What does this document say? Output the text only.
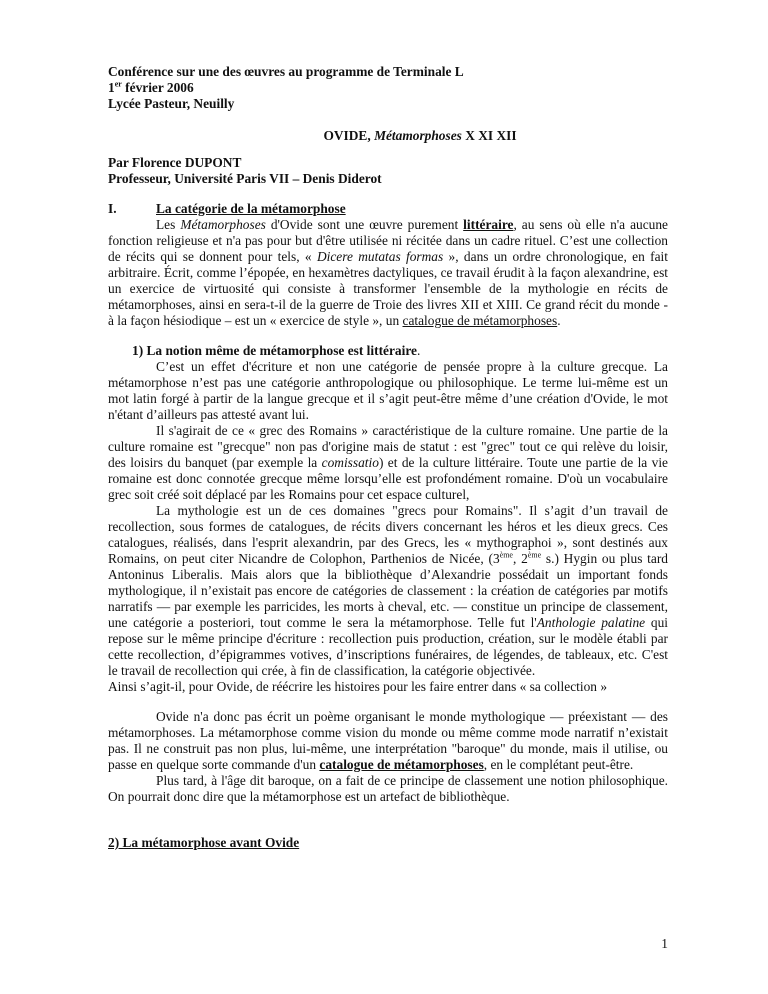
Conférence sur une des œuvres au programme de Terminale L
1er février 2006
Lycée Pasteur, Neuilly
OVIDE, Métamorphoses X XI XII
Par Florence DUPONT
Professeur, Université Paris VII – Denis Diderot
I.	La catégorie de la métamorphose

Les Métamorphoses d'Ovide sont une œuvre purement littéraire, au sens où elle n'a aucune fonction religieuse et n'a pas pour but d'être utilisée ni récitée dans un cadre rituel. C’est une collection de récits qui se donnent pour tels, « Dicere mutatas formas », dans un ordre chronologique, en fait arbitraire. Écrit, comme l’épopée, en hexamètres dactyliques, ce travail érudit à la façon alexandrine, est un exercice de virtuosité qui consiste à transformer l'ensemble de la mythologie en récits de métamorphoses, ainsi en sera-t-il de la guerre de Troie des livres XII et XIII. Ce grand récit du monde - à la façon hésiodique – est un « exercice de style », un catalogue de métamorphoses.

1) La notion même de métamorphose est littéraire.

C’est un effet d'écriture et non une catégorie de pensée propre à la culture grecque. La métamorphose n’est pas une catégorie anthropologique ou philosophique. Le terme lui-même est un mot latin forgé à partir de la langue grecque et il s’agit peut-être même d’une création d'Ovide, le mot n'étant d’ailleurs pas attesté avant lui.

Il s'agirait de ce « grec des Romains » caractéristique de la culture romaine. Une partie de la culture romaine est "grecque" non pas d'origine mais de statut : est "grec" tout ce qui relève du loisir, des loisirs du banquet (par exemple la comissatio) et de la culture littéraire. Toute une partie de la vie romaine est donc connotée grecque même lorsqu’elle est profondément romaine. D'où un vocabulaire grec soit créé soit déplacé par les Romains pour cet espace culturel,

La mythologie est un de ces domaines "grecs pour Romains". Il s’agit d’un travail de recollection, sous formes de catalogues, de récits divers concernant les héros et les dieux grecs. Ces catalogues, réalisés, dans l'esprit alexandrin, par des Grecs, les « mythographoi », sont destinés aux Romains, on peut citer Nicandre de Colophon, Parthenios de Nicée, (3ème, 2ème s.) Hygin ou plus tard Antoninus Liberalis. Mais alors que la bibliothèque d’Alexandrie possédait un important fonds mythologique, il n’existait pas encore de catégories de classement : la création de catégories par motifs narratifs –– par exemple les parricides, les morts à cheval, etc. –– constitue un principe de classement, une catégorie a posteriori, tout comme le sera la métamorphose. Telle fut l'Anthologie palatine qui repose sur le même principe d'écriture : recollection puis production, création, sur le modèle établi par cette recollection, d’épigrammes votives, d’inscriptions funéraires, de légendes, de tableaux, etc. C'est le travail de recollection qui crée, à fin de classification, la catégorie objectivée.

Ainsi s’agit-il, pour Ovide, de réécrire les histoires pour les faire entrer dans « sa collection »

Ovide n'a donc pas écrit un poème organisant le monde mythologique –– préexistant –– des métamorphoses. La métamorphose comme vision du monde ou même comme mode narratif n’existait pas. Il ne construit pas non plus, lui-même, une interprétation "baroque" du monde, mais il utilise, ou passe en quelque sorte commande d'un catalogue de métamorphoses, en le complétant peut-être.

Plus tard, à l'âge dit baroque, on a fait de ce principe de classement une notion philosophique. On pourrait donc dire que la métamorphose est un artefact de bibliothèque.

2) La métamorphose avant Ovide
1
